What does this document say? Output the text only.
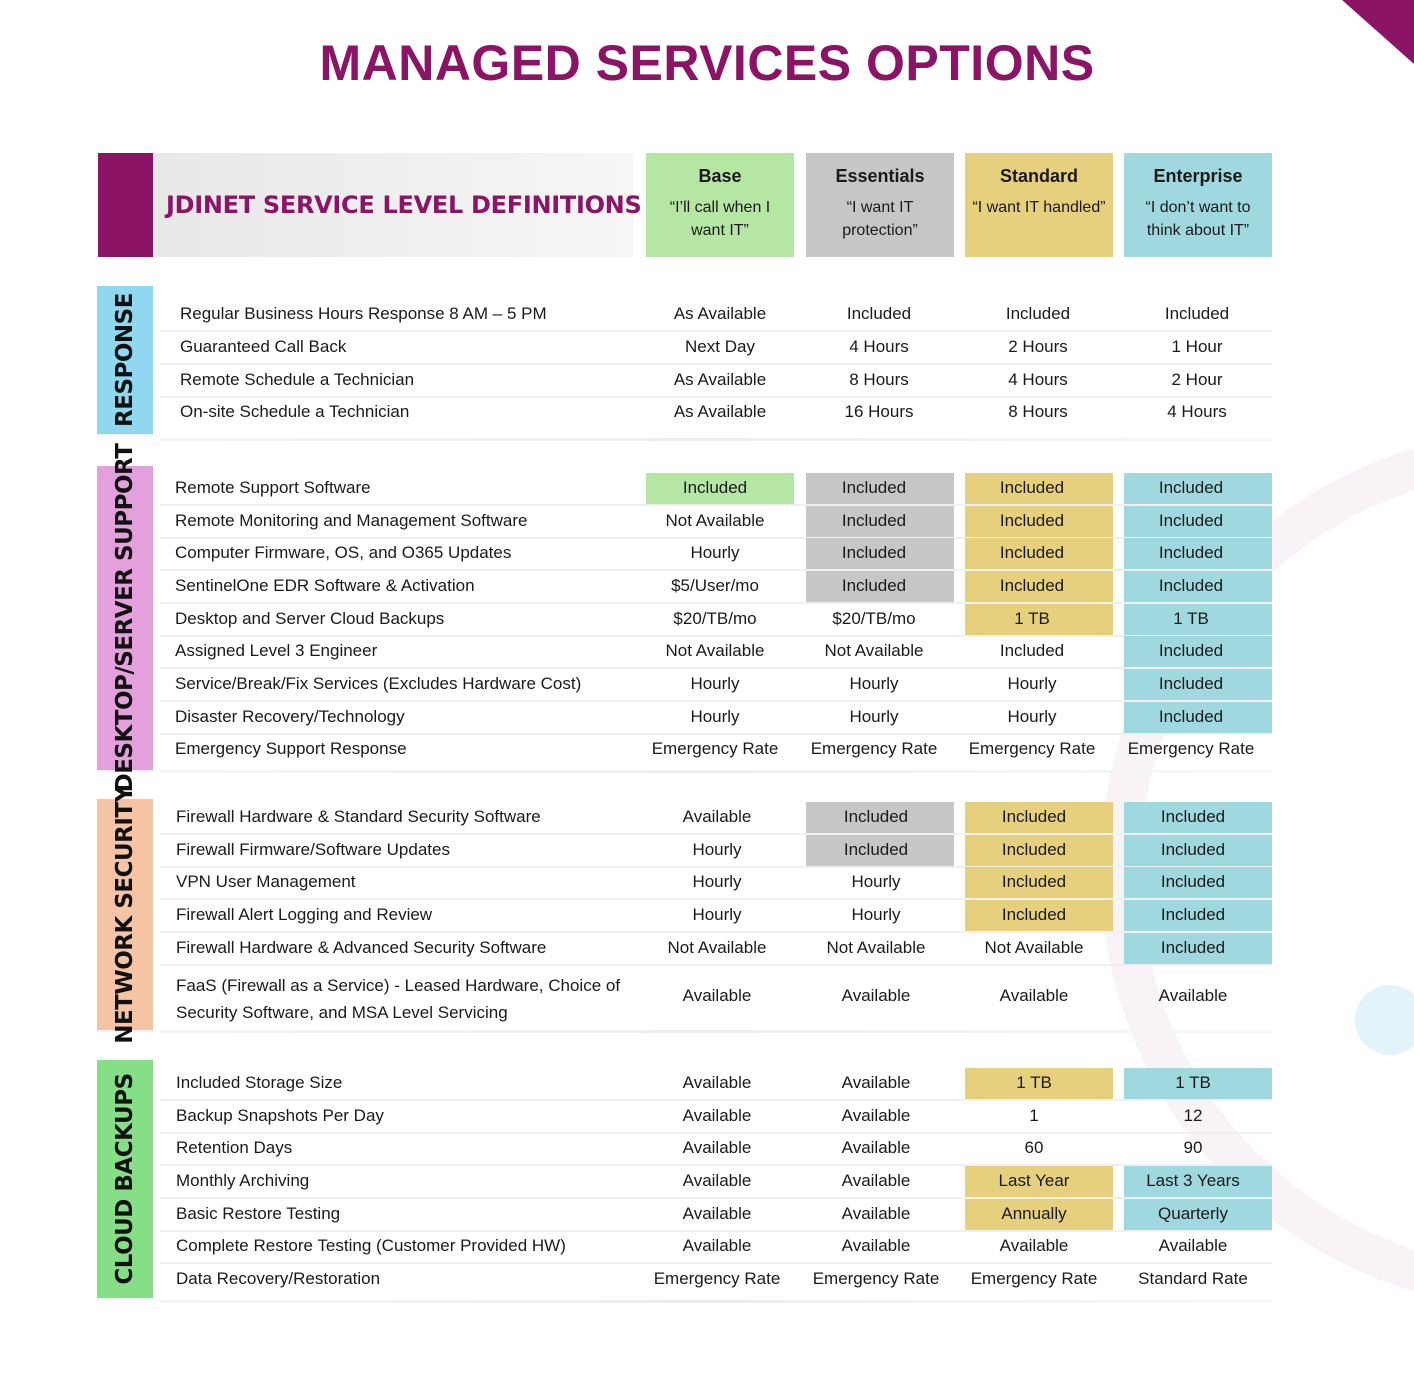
MANAGED SERVICES OPTIONS
JDINET SERVICE LEVEL DEFINITIONS
Base
“I’ll call when I want IT”
Essentials
“I want IT protection”
Standard
“I want IT handled”
Enterprise
“I don’t want to think about IT”
RESPONSE Regular Business Hours Response 8 AM – 5 PM	As Available	Included	Included	Included
Guaranteed Call Back	Next Day	4 Hours	2 Hours	1 Hour
Remote Schedule a Technician	As Available	8 Hours	4 Hours	2 Hour
On-site Schedule a Technician	As Available	16 Hours	8 Hours	4 Hours
DESKTOP/SERVER SUPPORT Remote Support Software	Included	Included	Included	Included
Remote Monitoring and Management Software	Not Available	Included	Included	Included
Computer Firmware, OS, and O365 Updates	Hourly	Included	Included	Included
SentinelOne EDR Software & Activation	$5/User/mo	Included	Included	Included
Desktop and Server Cloud Backups	$20/TB/mo	$20/TB/mo	1 TB	1 TB
Assigned Level 3 Engineer	Not Available	Not Available	Included	Included
Service/Break/Fix Services (Excludes Hardware Cost)	Hourly	Hourly	Hourly	Included
Disaster Recovery/Technology	Hourly	Hourly	Hourly	Included
Emergency Support Response	Emergency Rate	Emergency Rate	Emergency Rate	Emergency Rate
NETWORK SECURITY Firewall Hardware & Standard Security Software	Available	Included	Included	Included
Firewall Firmware/Software Updates	Hourly	Included	Included	Included
VPN User Management	Hourly	Hourly	Included	Included
Firewall Alert Logging and Review	Hourly	Hourly	Included	Included
Firewall Hardware & Advanced Security Software	Not Available	Not Available	Not Available	Included
FaaS (Firewall as a Service) - Leased Hardware, Choice of
Security Software, and MSA Level Servicing
Available	Available	Available	Available
CLOUD BACKUPS Included Storage Size	Available	Available	1 TB	1 TB
Backup Snapshots Per Day	Available	Available	1	12
Retention Days	Available	Available	60	90
Monthly Archiving	Available	Available	Last Year	Last 3 Years
Basic Restore Testing	Available	Available	Annually	Quarterly
Complete Restore Testing (Customer Provided HW)	Available	Available	Available	Available
Data Recovery/Restoration	Emergency Rate	Emergency Rate	Emergency Rate	Standard Rate
